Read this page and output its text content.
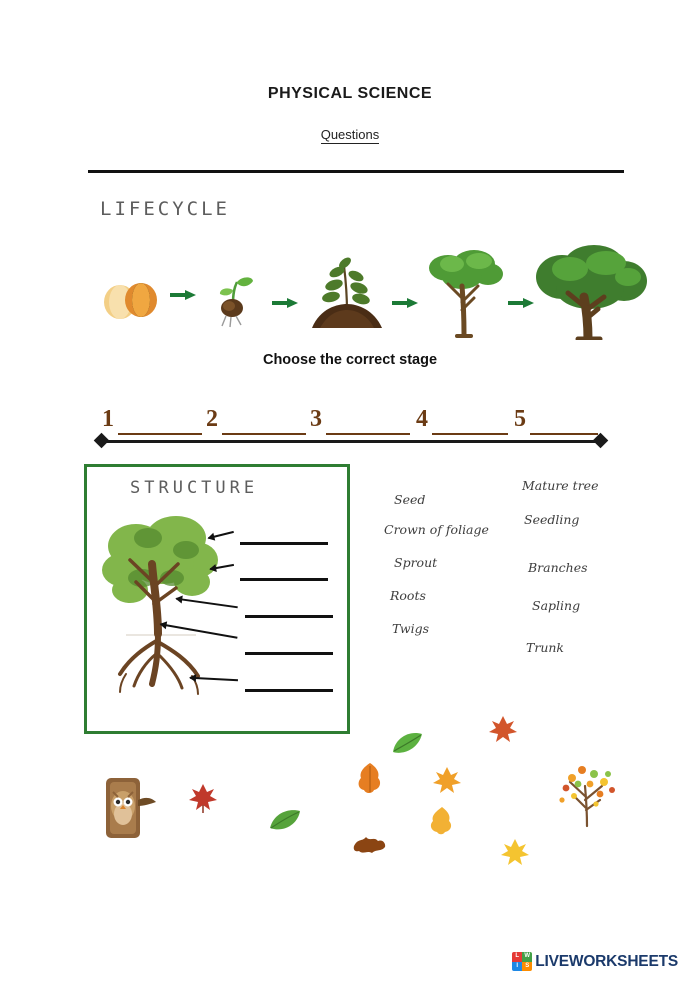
PHYSICAL SCIENCE
Questions
LIFECYCLE
Choose the correct stage
1	2	3	4	5
STRUCTURE
Seed
Crown of foliage
Sprout
Roots
Twigs
Mature tree
Seedling
Branches
Sapling
Trunk
L
I
W
S LIVEWORKSHEETS
